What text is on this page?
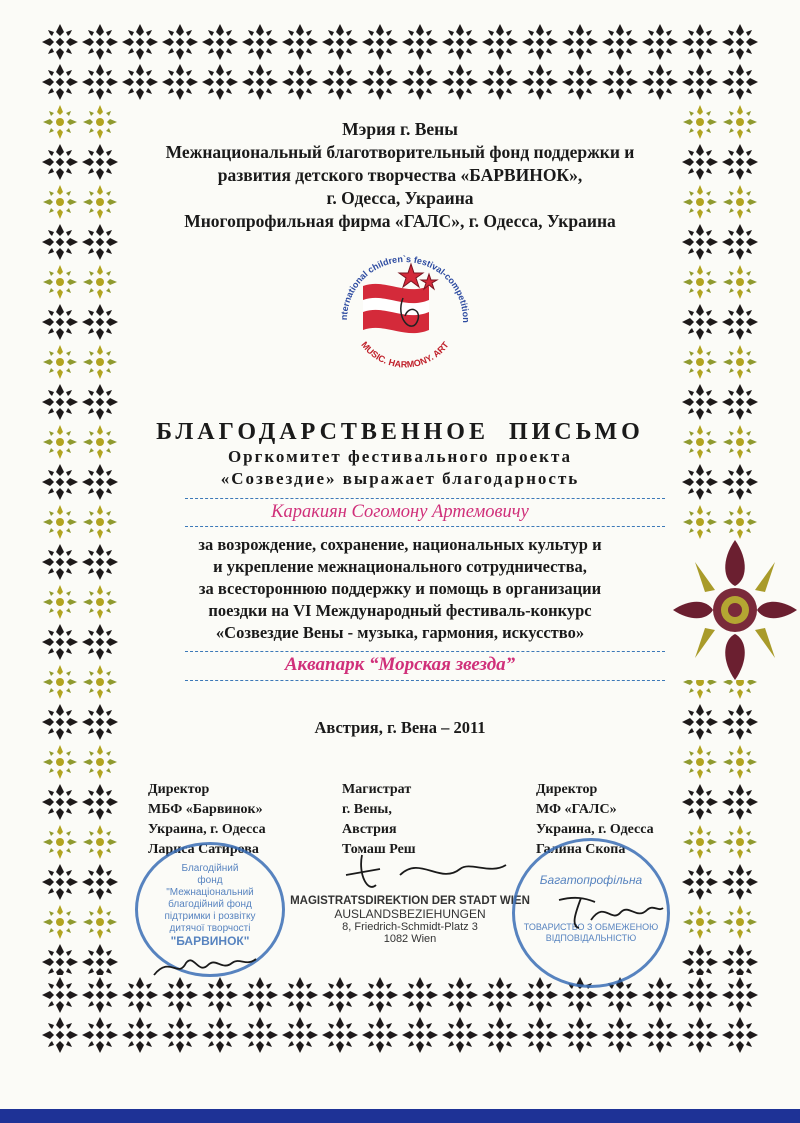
Мэрия г. Вены
Межнациональный благотворительный фонд поддержки и
развития детского творчества «БАРВИНОК»,
г. Одесса, Украина
Многопрофильная фирма «ГАЛС», г. Одесса, Украина
nternational children`s festival-competition
MUSIC. HARMONY. ART
БЛАГОДАРСТВЕННОЕ  ПИСЬМО
Оргкомитет фестивального проекта
«Созвездие» выражает благодарность
Каракиян Согомону Артемовичу
за возрождение, сохранение, национальных культур и
и укрепление межнационального сотрудничества,
за всестороннюю поддержку и помощь в организации
поездки на VI Международный фестиваль-конкурс
«Созвездие Вены - музыка, гармония, искусство»
Аквапарк “Морская звезда”
Австрия, г. Вена – 2011
Директор
МБФ «Барвинок»
Украина, г. Одесса
Лариса Сатирова
Магистрат
г. Вены,
Австрия
Томаш Реш
Директор
МФ «ГАЛС»
Украина, г. Одесса
Галина Скопа
Благодійний
фонд
"Межнаціональний
благодійний фонд
підтримки і розвітку
дитячої творчості
"БАРВИНОК"
MAGISTRATSDIREKTION DER STADT WIEN
AUSLANDSBEZIEHUNGEN
8, Friedrich-Schmidt-Platz 3
1082 Wien
Багатопрофільна
ТОВАРИСТВО З ОБМЕЖЕНОЮ
ВІДПОВІДАЛЬНІСТЮ
